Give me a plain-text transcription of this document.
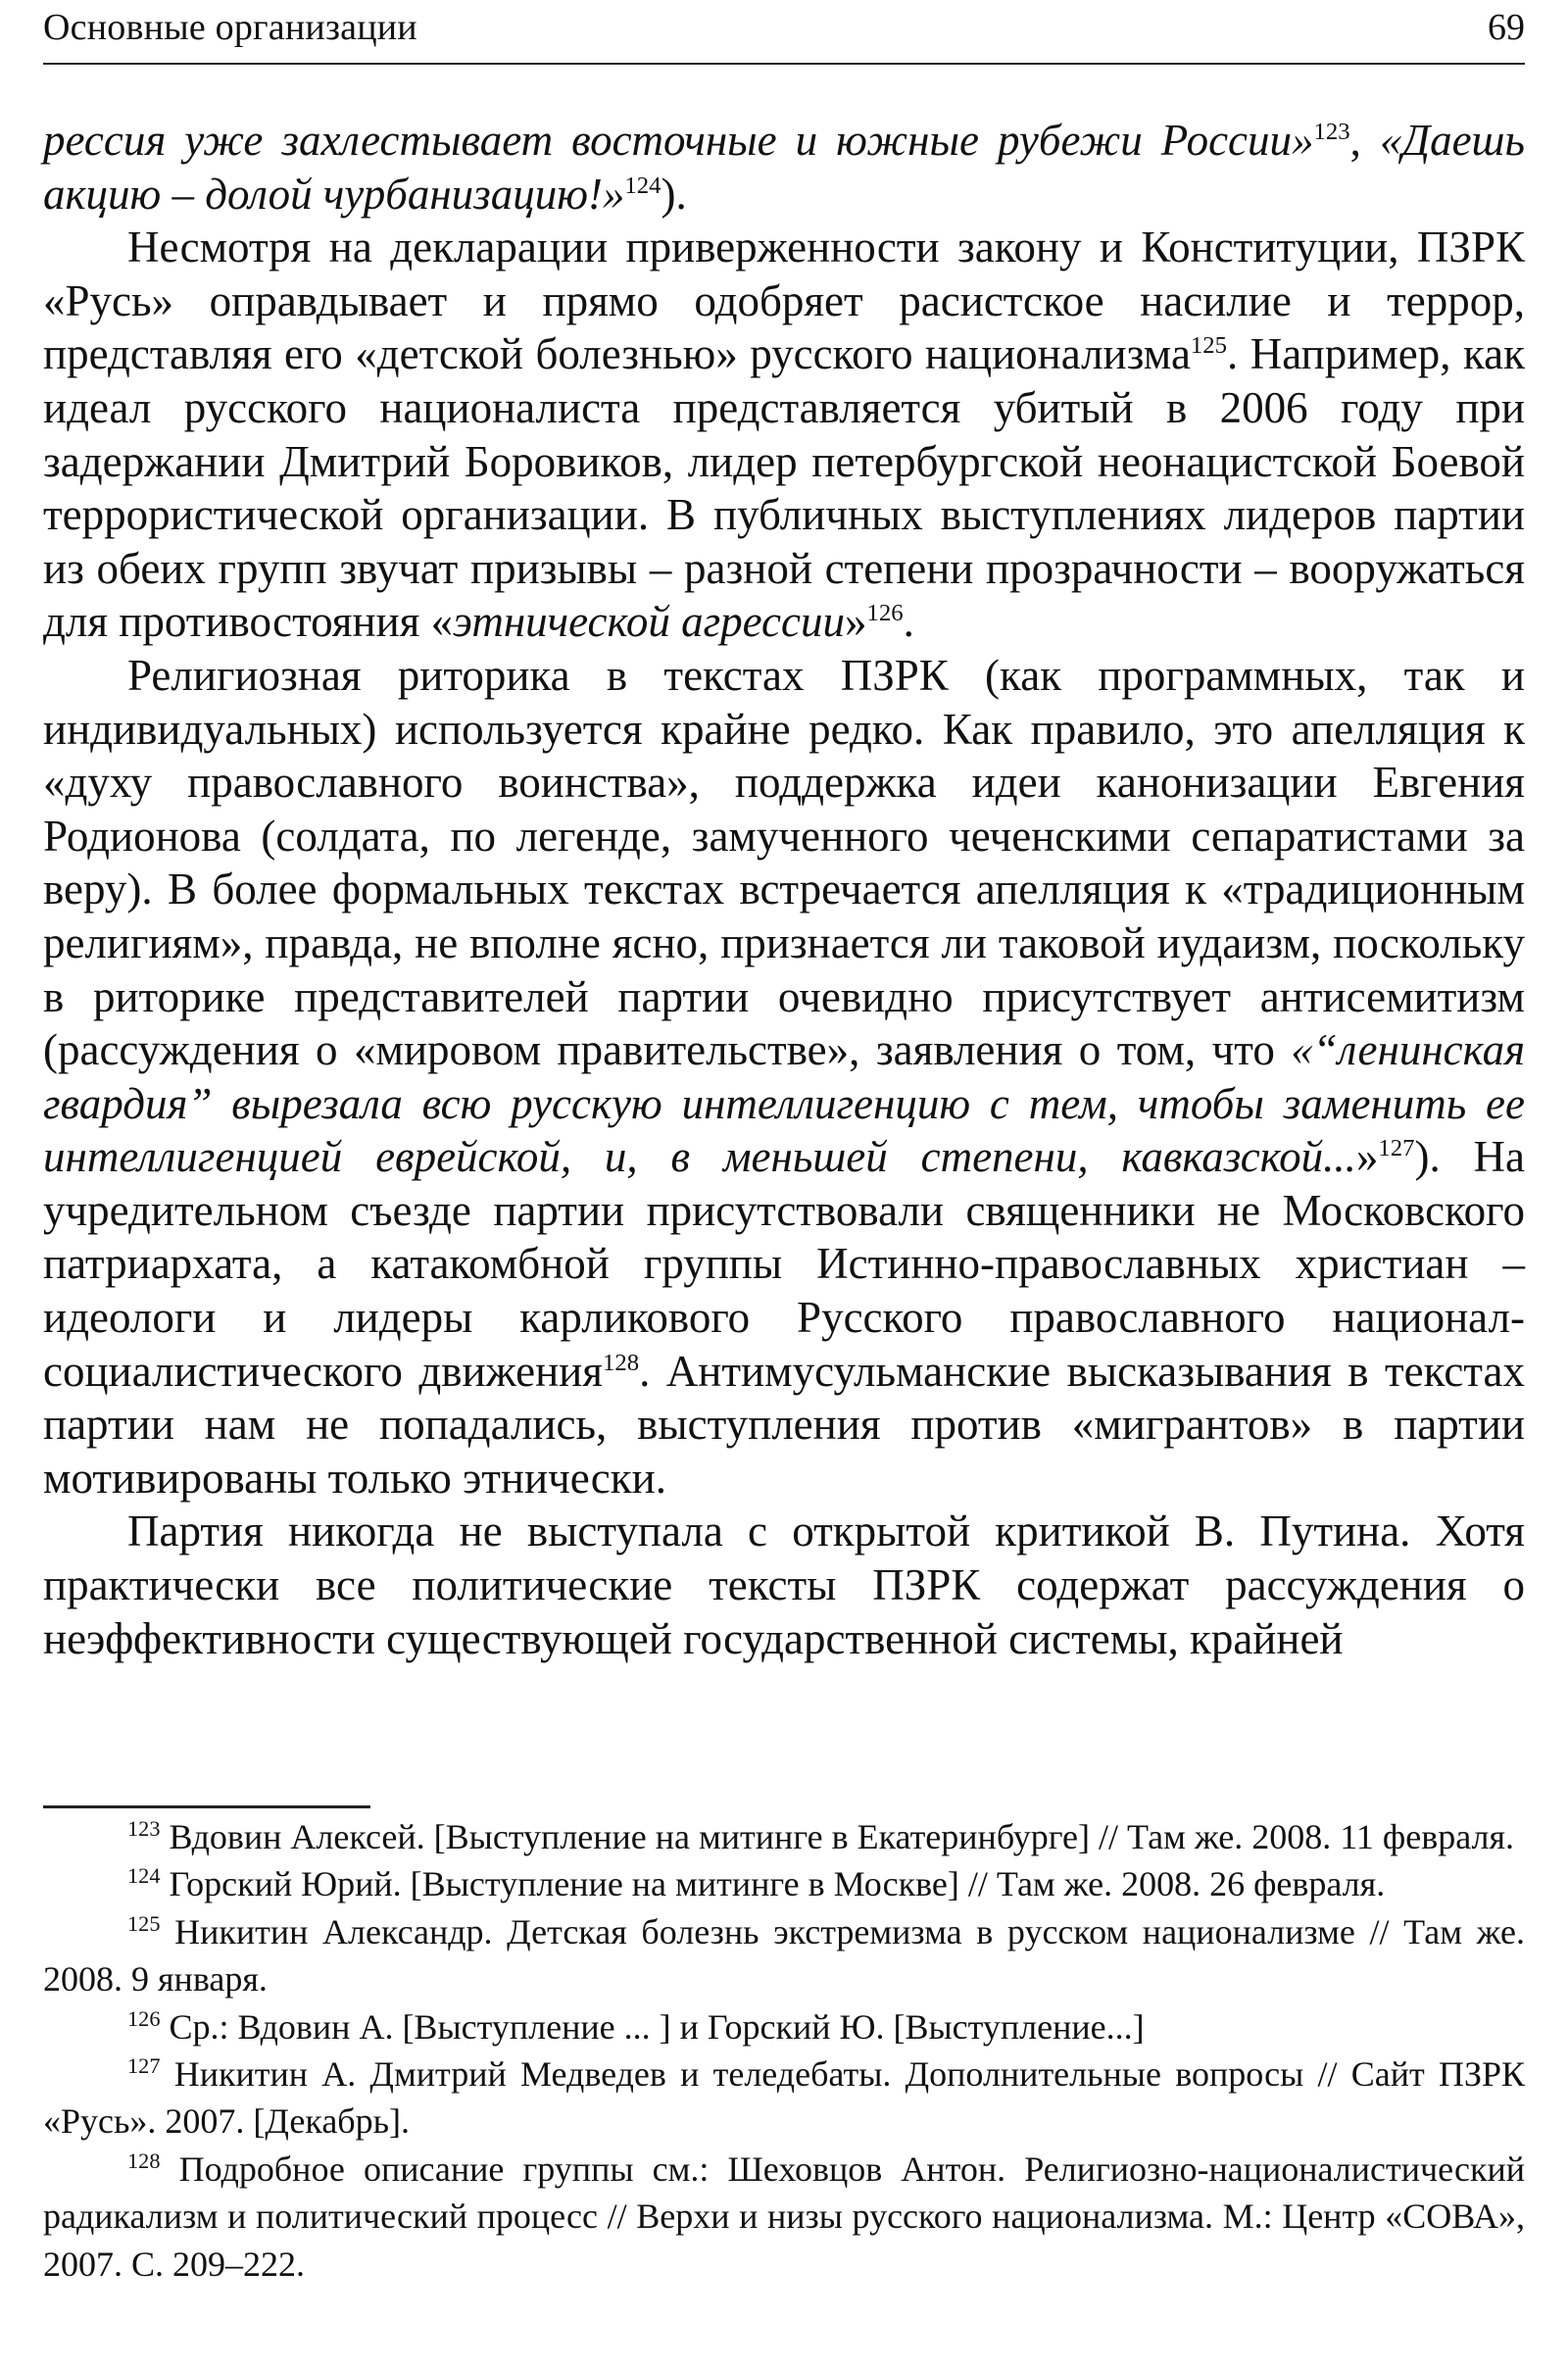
Основные организации	69

рессия уже захлестывает восточные и южные рубежи России»$^{123}$, «Даешь акцию – долой чурбанизацию!»$^{124}$).

Несмотря на декларации приверженности закону и Конституции, ПЗРК «Русь» оправдывает и прямо одобряет расистское насилие и террор, представляя его «детской болезнью» русского национализма$^{125}$. Например, как идеал русского националиста представляется убитый в 2006 году при задержании Дмитрий Боровиков, лидер петербургской неонацистской Боевой террористической организации. В публичных выступлениях лидеров партии из обеих групп звучат призывы – разной степени прозрачности – вооружаться для противостояния «этнической агрессии»$^{126}$.

Религиозная риторика в текстах ПЗРК (как программных, так и индивидуальных) используется крайне редко. Как правило, это апелляция к «духу православного воинства», поддержка идеи канонизации Евгения Родионова (солдата, по легенде, замученного чеченскими сепаратистами за веру). В более формальных текстах встречается апелляция к «традиционным религиям», правда, не вполне ясно, признается ли таковой иудаизм, поскольку в риторике представителей партии очевидно присутствует антисемитизм (рассуждения о «мировом правительстве», заявления о том, что «“ленинская гвардия” вырезала всю русскую интеллигенцию с тем, чтобы заменить ее интеллигенцией еврейской, и, в меньшей степени, кавказской...»$^{127}$). На учредительном съезде партии присутствовали священники не Московского патриархата, а катакомбной группы Истинно-православных христиан – идеологи и лидеры карликового Русского православного национал-социалистического движения$^{128}$. Антимусульманские высказывания в текстах партии нам не попадались, выступления против «мигрантов» в партии мотивированы только этнически.

Партия никогда не выступала с открытой критикой В. Путина. Хотя практически все политические тексты ПЗРК содержат рассуждения о неэффективности существующей государственной системы, крайней

$^{123}$ Вдовин Алексей. [Выступление на митинге в Екатеринбурге] // Там же. 2008. 11 февраля.

$^{124}$ Горский Юрий. [Выступление на митинге в Москве] // Там же. 2008. 26 февраля.

$^{125}$ Никитин Александр. Детская болезнь экстремизма в русском национализме // Там же. 2008. 9 января.

$^{126}$ Ср.: Вдовин А. [Выступление ... ] и Горский Ю. [Выступление...]

$^{127}$ Никитин А. Дмитрий Медведев и теледебаты. Дополнительные вопросы // Сайт ПЗРК «Русь». 2007. [Декабрь].

$^{128}$ Подробное описание группы см.: Шеховцов Антон. Религиозно-националистический радикализм и политический процесс // Верхи и низы русского национализма. М.: Центр «СОВА», 2007. С. 209–222.
